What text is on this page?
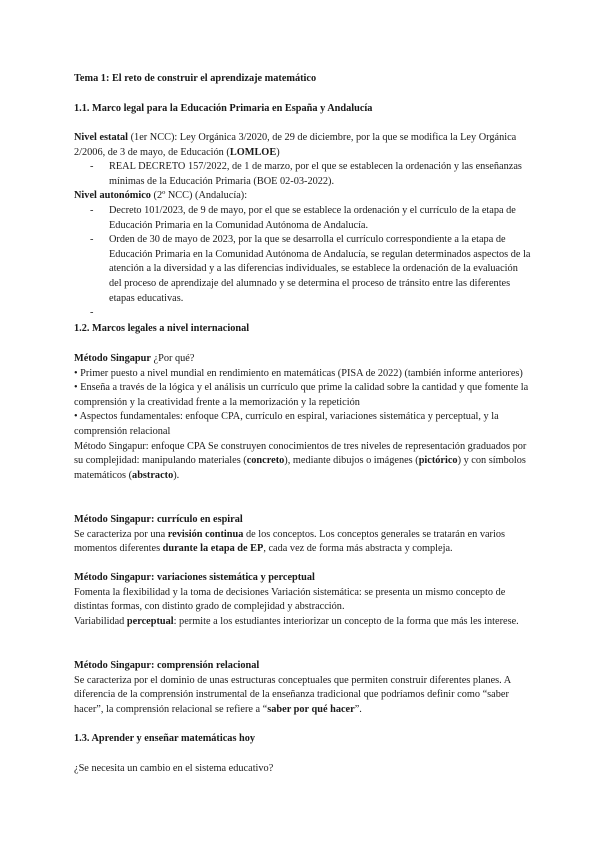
Tema 1: El reto de construir el aprendizaje matemático

1.1. Marco legal para la Educación Primaria en España y Andalucía

Nivel estatal (1er NCC): Ley Orgánica 3/2020, de 29 de diciembre, por la que se modifica la Ley Orgánica 2/2006, de 3 de mayo, de Educación (LOMLOE)

- REAL DECRETO 157/2022, de 1 de marzo, por el que se establecen la ordenación y las enseñanzas mínimas de la Educación Primaria (BOE 02-03-2022).

Nivel autonómico (2º NCC) (Andalucía):

- Decreto 101/2023, de 9 de mayo, por el que se establece la ordenación y el currículo de la etapa de Educación Primaria en la Comunidad Autónoma de Andalucía.

- Orden de 30 de mayo de 2023, por la que se desarrolla el currículo correspondiente a la etapa de Educación Primaria en la Comunidad Autónoma de Andalucía, se regulan determinados aspectos de la atención a la diversidad y a las diferencias individuales, se establece la ordenación de la evaluación del proceso de aprendizaje del alumnado y se determina el proceso de tránsito entre las diferentes etapas educativas.

-

1.2. Marcos legales a nivel internacional

Método Singapur ¿Por qué?

• Primer puesto a nivel mundial en rendimiento en matemáticas (PISA de 2022) (también informe anteriores)

• Enseña a través de la lógica y el análisis un currículo que prime la calidad sobre la cantidad y que fomente la comprensión y la creatividad frente a la memorización y la repetición

• Aspectos fundamentales: enfoque CPA, currículo en espiral, variaciones sistemática y perceptual, y la comprensión relacional

Método Singapur: enfoque CPA Se construyen conocimientos de tres niveles de representación graduados por su complejidad: manipulando materiales (concreto), mediante dibujos o imágenes (pictórico) y con símbolos matemáticos (abstracto).

Método Singapur: currículo en espiral

Se caracteriza por una revisión continua de los conceptos. Los conceptos generales se tratarán en varios momentos diferentes durante la etapa de EP, cada vez de forma más abstracta y compleja.

Método Singapur: variaciones sistemática y perceptual

Fomenta la flexibilidad y la toma de decisiones Variación sistemática: se presenta un mismo concepto de distintas formas, con distinto grado de complejidad y abstracción.

Variabilidad perceptual: permite a los estudiantes interiorizar un concepto de la forma que más les interese.

Método Singapur: comprensión relacional

Se caracteriza por el dominio de unas estructuras conceptuales que permiten construir diferentes planes. A diferencia de la comprensión instrumental de la enseñanza tradicional que podríamos definir como “saber hacer”, la comprensión relacional se refiere a “saber por qué hacer”.

1.3. Aprender y enseñar matemáticas hoy

¿Se necesita un cambio en el sistema educativo?
